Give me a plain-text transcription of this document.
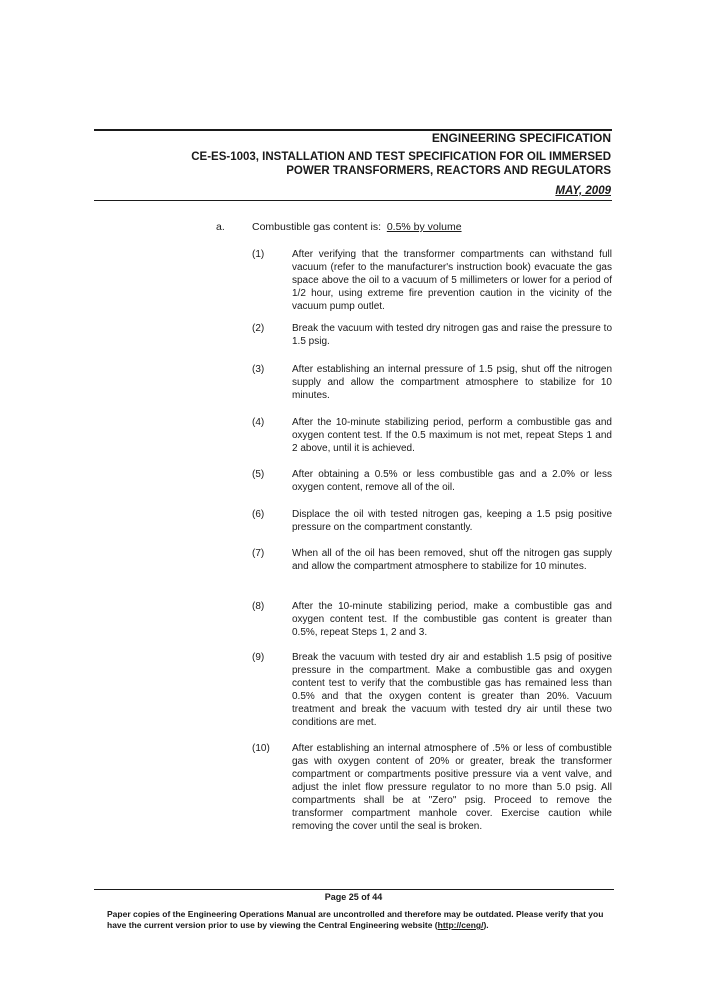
ENGINEERING SPECIFICATION
CE-ES-1003, INSTALLATION AND TEST SPECIFICATION FOR OIL IMMERSED POWER TRANSFORMERS, REACTORS AND REGULATORS
MAY, 2009
a.	Combustible gas content is: 0.5% by volume
(1)	After verifying that the transformer compartments can withstand full vacuum (refer to the manufacturer's instruction book) evacuate the gas space above the oil to a vacuum of 5 millimeters or lower for a period of 1/2 hour, using extreme fire prevention caution in the vicinity of the vacuum pump outlet.
(2)	Break the vacuum with tested dry nitrogen gas and raise the pressure to 1.5 psig.
(3)	After establishing an internal pressure of 1.5 psig, shut off the nitrogen supply and allow the compartment atmosphere to stabilize for 10 minutes.
(4)	After the 10-minute stabilizing period, perform a combustible gas and oxygen content test. If the 0.5 maximum is not met, repeat Steps 1 and 2 above, until it is achieved.
(5)	After obtaining a 0.5% or less combustible gas and a 2.0% or less oxygen content, remove all of the oil.
(6)	Displace the oil with tested nitrogen gas, keeping a 1.5 psig positive pressure on the compartment constantly.
(7)	When all of the oil has been removed, shut off the nitrogen gas supply and allow the compartment atmosphere to stabilize for 10 minutes.
(8)	After the 10-minute stabilizing period, make a combustible gas and oxygen content test. If the combustible gas content is greater than 0.5%, repeat Steps 1, 2 and 3.
(9)	Break the vacuum with tested dry air and establish 1.5 psig of positive pressure in the compartment. Make a combustible gas and oxygen content test to verify that the combustible gas has remained less than 0.5% and that the oxygen content is greater than 20%. Vacuum treatment and break the vacuum with tested dry air until these two conditions are met.
(10)	After establishing an internal atmosphere of .5% or less of combustible gas with oxygen content of 20% or greater, break the transformer compartment or compartments positive pressure via a vent valve, and adjust the inlet flow pressure regulator to no more than 5.0 psig. All compartments shall be at "Zero" psig. Proceed to remove the transformer compartment manhole cover. Exercise caution while removing the cover until the seal is broken.
Page 25 of 44
Paper copies of the Engineering Operations Manual are uncontrolled and therefore may be outdated. Please verify that you have the current version prior to use by viewing the Central Engineering website (http://ceng/).
